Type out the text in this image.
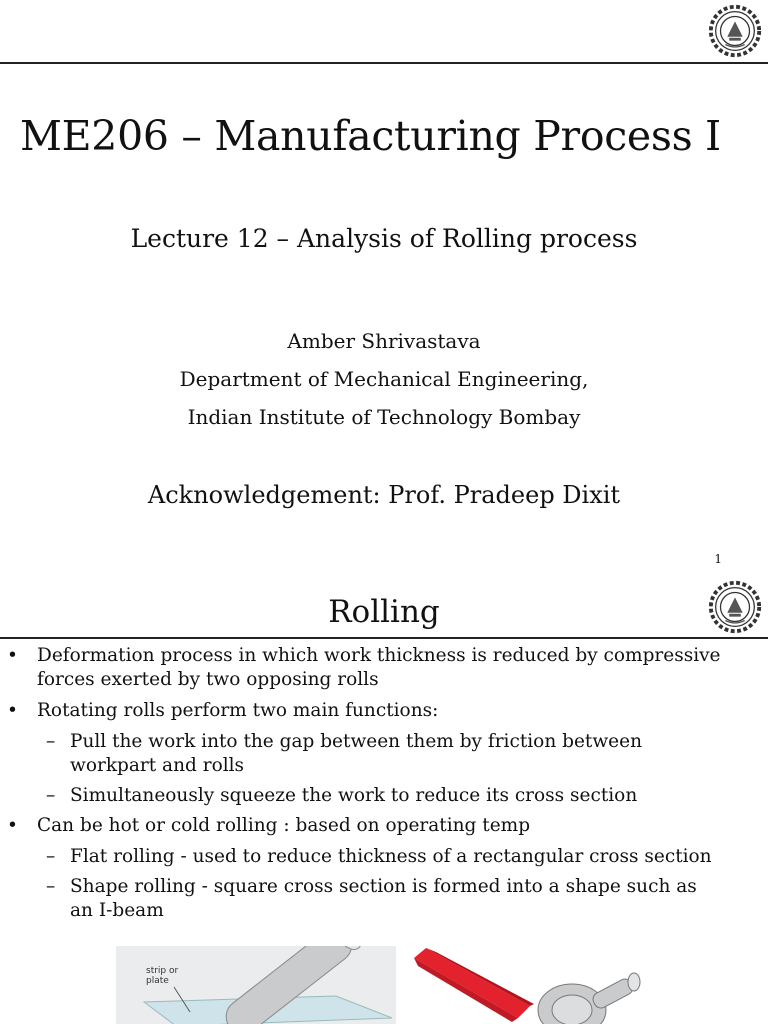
ME206 – Manufacturing Process I
Lecture 12 – Analysis of Rolling process
Amber Shrivastava
Department of Mechanical Engineering,
Indian Institute of Technology Bombay
Acknowledgement: Prof. Pradeep Dixit
1
Rolling
• Deformation process in which work thickness is reduced by compressive
forces exerted by two opposing rolls
• Rotating rolls perform two main functions:
– Pull the work into the gap between them by friction between
workpart and rolls
– Simultaneously squeeze the work to reduce its cross section
• Can be hot or cold rolling : based on operating temp
– Flat rolling - used to reduce thickness of a rectangular cross section
– Shape rolling - square cross section is formed into a shape such as
an I-beam
strip or
plate
